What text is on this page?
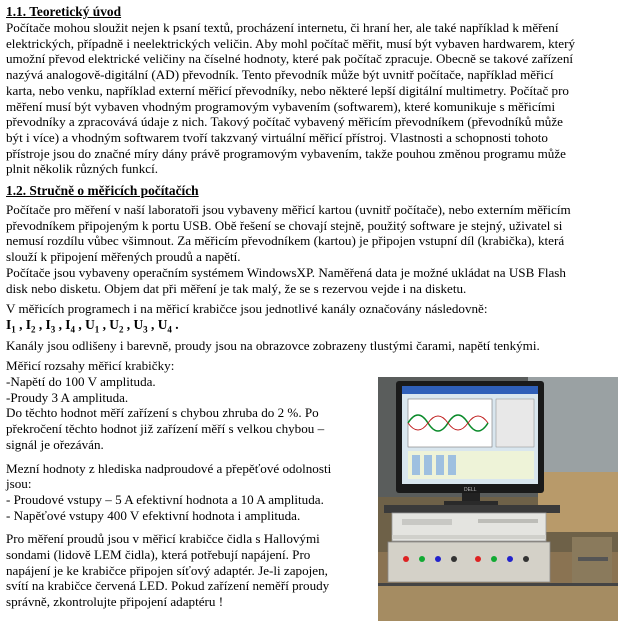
1.1. Teoretický úvod

Počítače mohou sloužit nejen k psaní textů, procházení internetu, či hraní her, ale také například k měření

elektrických, případně i neelektrických veličin. Aby mohl počítač měřit, musí být vybaven hardwarem, který

umožní převod elektrické veličiny na číselné hodnoty, které pak počítač zpracuje. Obecně se takové zařízení

nazývá analogově-digitální (AD) převodník. Tento převodník může být uvnitř počítače, například měřicí

karta, nebo venku, například externí měřicí převodníky, nebo některé lepší digitální multimetry. Počítač pro

měření musí být vybaven vhodným programovým vybavením (softwarem), které komunikuje s měřicími

převodníky a zpracovává údaje z nich. Takový počítač vybavený měřicím převodníkem (převodníků může

být i více) a vhodným softwarem tvoří takzvaný virtuální měřicí přístroj. Vlastnosti a schopnosti tohoto

přístroje jsou do značné míry dány právě programovým vybavením, takže pouhou změnou programu může

plnit několik různých funkcí.

1.2. Stručně o měřicích počítačích

Počítače pro měření v naší laboratoři jsou vybaveny měřicí kartou (uvnitř počítače), nebo externím měřicím

převodníkem připojeným k portu USB. Obě řešení se chovají stejně, použitý software je stejný, uživatel si

nemusí rozdílu vůbec všimnout. Za měřicím převodníkem (kartou) je připojen vstupní díl (krabička), která

slouží k připojení měřených proudů a napětí.

Počítače jsou vybaveny operačním systémem WindowsXP. Naměřená data je možné ukládat na USB Flash

disk nebo disketu. Objem dat při měření je tak malý, že se s rezervou vejde i na disketu.

V měřicích programech i na měřicí krabičce jsou jednotlivé kanály označovány následovně:

$I_1$ , $I_2$ , $I_3$ , $I_4$ , $U_1$ , $U_2$ , $U_3$ , $U_4$ .

Kanály jsou odlišeny i barevně, proudy jsou na obrazovce zobrazeny tlustými čarami, napětí tenkými.

Měřicí rozsahy měřicí krabičky:

-Napětí do 100 V amplituda.

-Proudy 3 A amplituda.

Do těchto hodnot měří zařízení s chybou zhruba do 2 %. Po

překročení těchto hodnot již zařízení měří s velkou chybou –

signál je ořezáván.

Mezní hodnoty z hlediska nadproudové a přepěťové odolnosti

jsou:

- Proudové vstupy – 5 A efektivní hodnota a 10 A amplituda.

- Napěťové vstupy 400 V efektivní hodnota i amplituda.

Pro měření proudů jsou v měřicí krabičce čidla s Hallovými

sondami (lidově LEM čidla), která potřebují napájení. Pro

napájení je ke krabičce připojen síťový adaptér. Je-li zapojen,

svítí na krabičce červená LED. Pokud zařízení neměří proudy

správně, zkontrolujte připojení adaptéru !

DELL
